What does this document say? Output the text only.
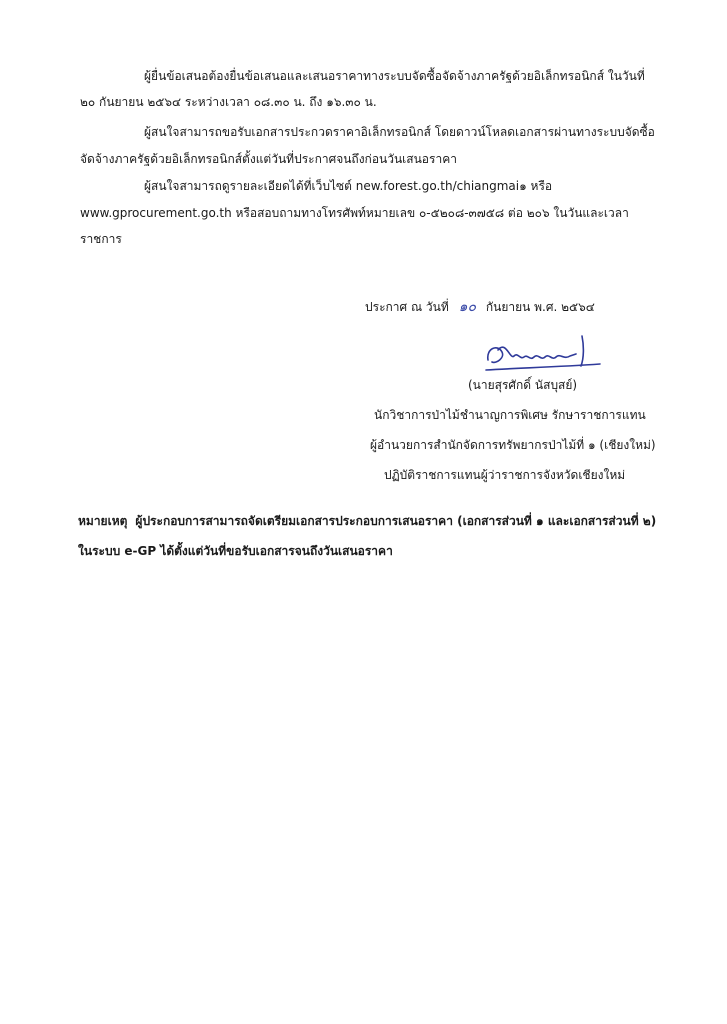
ผู้ยื่นข้อเสนอต้องยื่นข้อเสนอและเสนอราคาทางระบบจัดซื้อจัดจ้างภาครัฐด้วยอิเล็กทรอนิกส์ ในวันที่
๒๐ กันยายน ๒๕๖๔ ระหว่างเวลา ๐๘.๓๐ น. ถึง ๑๖.๓๐ น.
ผู้สนใจสามารถขอรับเอกสารประกวดราคาอิเล็กทรอนิกส์ โดยดาวน์โหลดเอกสารผ่านทางระบบจัดซื้อ
จัดจ้างภาครัฐด้วยอิเล็กทรอนิกส์ตั้งแต่วันที่ประกาศจนถึงก่อนวันเสนอราคา
ผู้สนใจสามารถดูรายละเอียดได้ที่เว็บไซต์ new.forest.go.th/chiangmai๑ หรือ
www.gprocurement.go.th หรือสอบถามทางโทรศัพท์หมายเลข ๐-๕๒๐๘-๓๗๕๘ ต่อ ๒๐๖ ในวันและเวลา
ราชการ
ประกาศ ณ วันที่ ๑๐ กันยายน พ.ศ. ๒๕๖๔
(นายสุรศักดิ์ นัสบุสย์)
นักวิชาการป่าไม้ชำนาญการพิเศษ รักษาราชการแทน
ผู้อำนวยการสำนักจัดการทรัพยากรป่าไม้ที่ ๑ (เชียงใหม่)
ปฏิบัติราชการแทนผู้ว่าราชการจังหวัดเชียงใหม่
หมายเหตุ ผู้ประกอบการสามารถจัดเตรียมเอกสารประกอบการเสนอราคา (เอกสารส่วนที่ ๑ และเอกสารส่วนที่ ๒)
ในระบบ e-GP ได้ตั้งแต่วันที่ขอรับเอกสารจนถึงวันเสนอราคา
